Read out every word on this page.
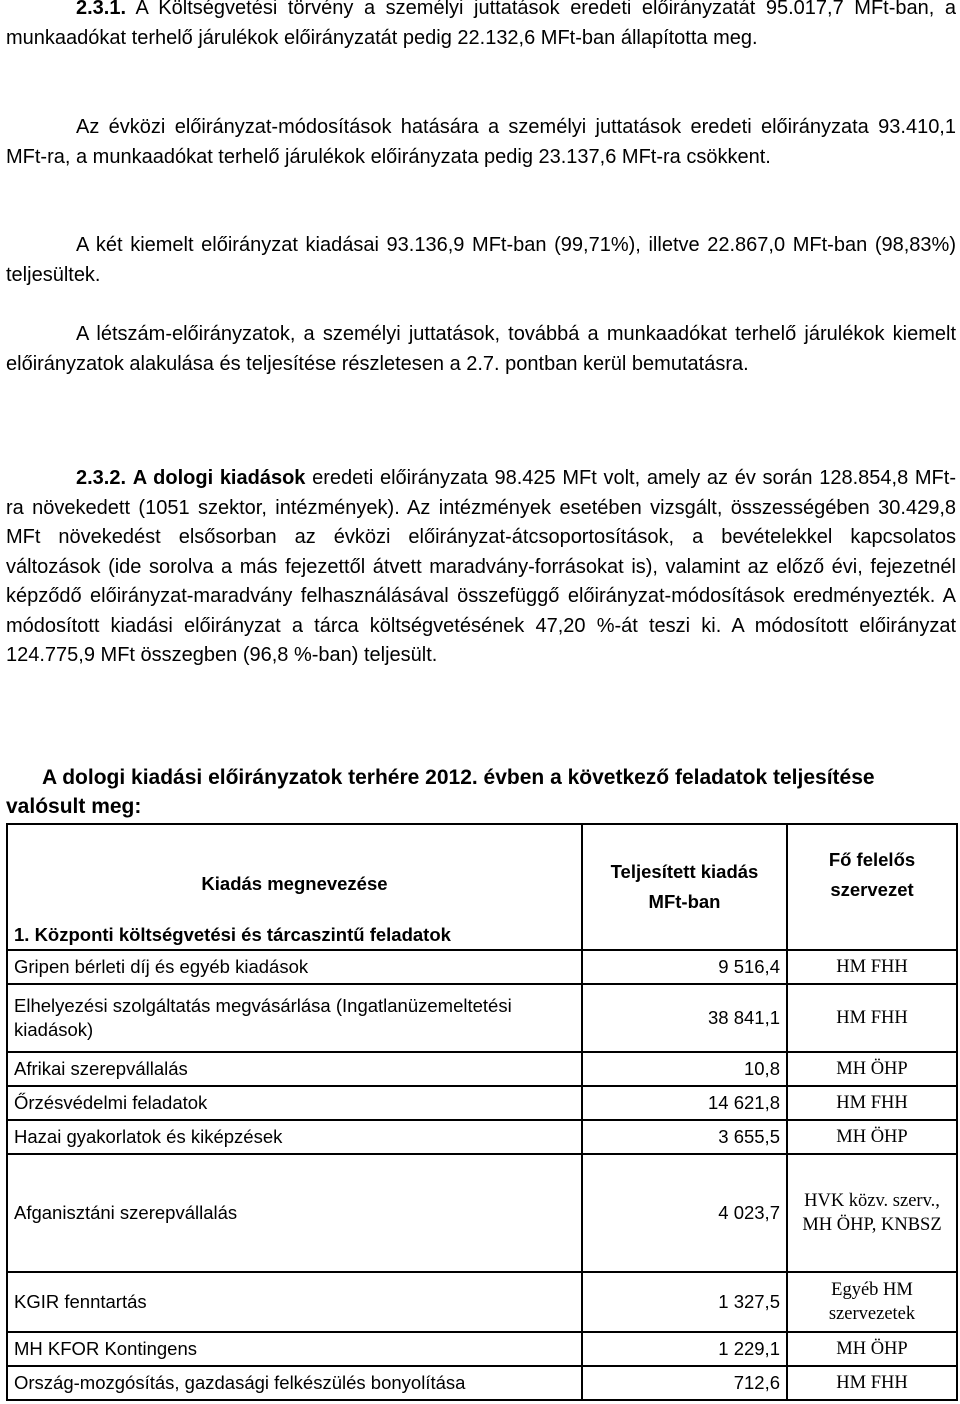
2.3.1. A Költségvetési törvény a személyi juttatások eredeti előirányzatát 95.017,7 MFt-ban, a munkaadókat terhelő járulékok előirányzatát pedig 22.132,6 MFt-ban állapította meg.

Az évközi előirányzat-módosítások hatására a személyi juttatások eredeti előirányzata 93.410,1 MFt-ra, a munkaadókat terhelő járulékok előirányzata pedig 23.137,6 MFt-ra csökkent.

A két kiemelt előirányzat kiadásai 93.136,9 MFt-ban (99,71%), illetve 22.867,0 MFt-ban (98,83%) teljesültek.

A létszám-előirányzatok, a személyi juttatások, továbbá a munkaadókat terhelő járulékok kiemelt előirányzatok alakulása és teljesítése részletesen a 2.7. pontban kerül bemutatásra.

2.3.2. A dologi kiadások eredeti előirányzata 98.425 MFt volt, amely az év során 128.854,8 MFt-ra növekedett (1051 szektor, intézmények). Az intézmények esetében vizsgált, összességében 30.429,8 MFt növekedést elsősorban az évközi előirányzat-átcsoportosítások, a bevételekkel kapcsolatos változások (ide sorolva a más fejezettől átvett maradvány-forrásokat is), valamint az előző évi, fejezetnél képződő előirányzat-maradvány felhasználásával összefüggő előirányzat-módosítások eredményezték. A módosított kiadási előirányzat a tárca költségvetésének 47,20 %-át teszi ki. A módosított előirányzat 124.775,9 MFt összegben (96,8 %-ban) teljesült.

A dologi kiadási előirányzatok terhére 2012. évben a következő feladatok teljesítése valósult meg:

Kiadás megnevezése	Teljesített kiadás MFt-ban	Fő felelős szervezet
1. Központi költségvetési és tárcaszintű feladatok		
Gripen bérleti díj és egyéb kiadások	9 516,4	HM FHH
Elhelyezési szolgáltatás megvásárlása (Ingatlanüzemeltetési kiadások)	38 841,1	HM FHH
Afrikai szerepvállalás	10,8	MH ÖHP
Őrzésvédelmi feladatok	14 621,8	HM FHH
Hazai gyakorlatok és kiképzések	3 655,5	MH ÖHP
Afganisztáni szerepvállalás	4 023,7	HVK közv. szerv., MH ÖHP, KNBSZ
KGIR fenntartás	1 327,5	Egyéb HM szervezetek
MH KFOR Kontingens	1 229,1	MH ÖHP
Ország-mozgósítás, gazdasági felkészülés bonyolítása	712,6	HM FHH
